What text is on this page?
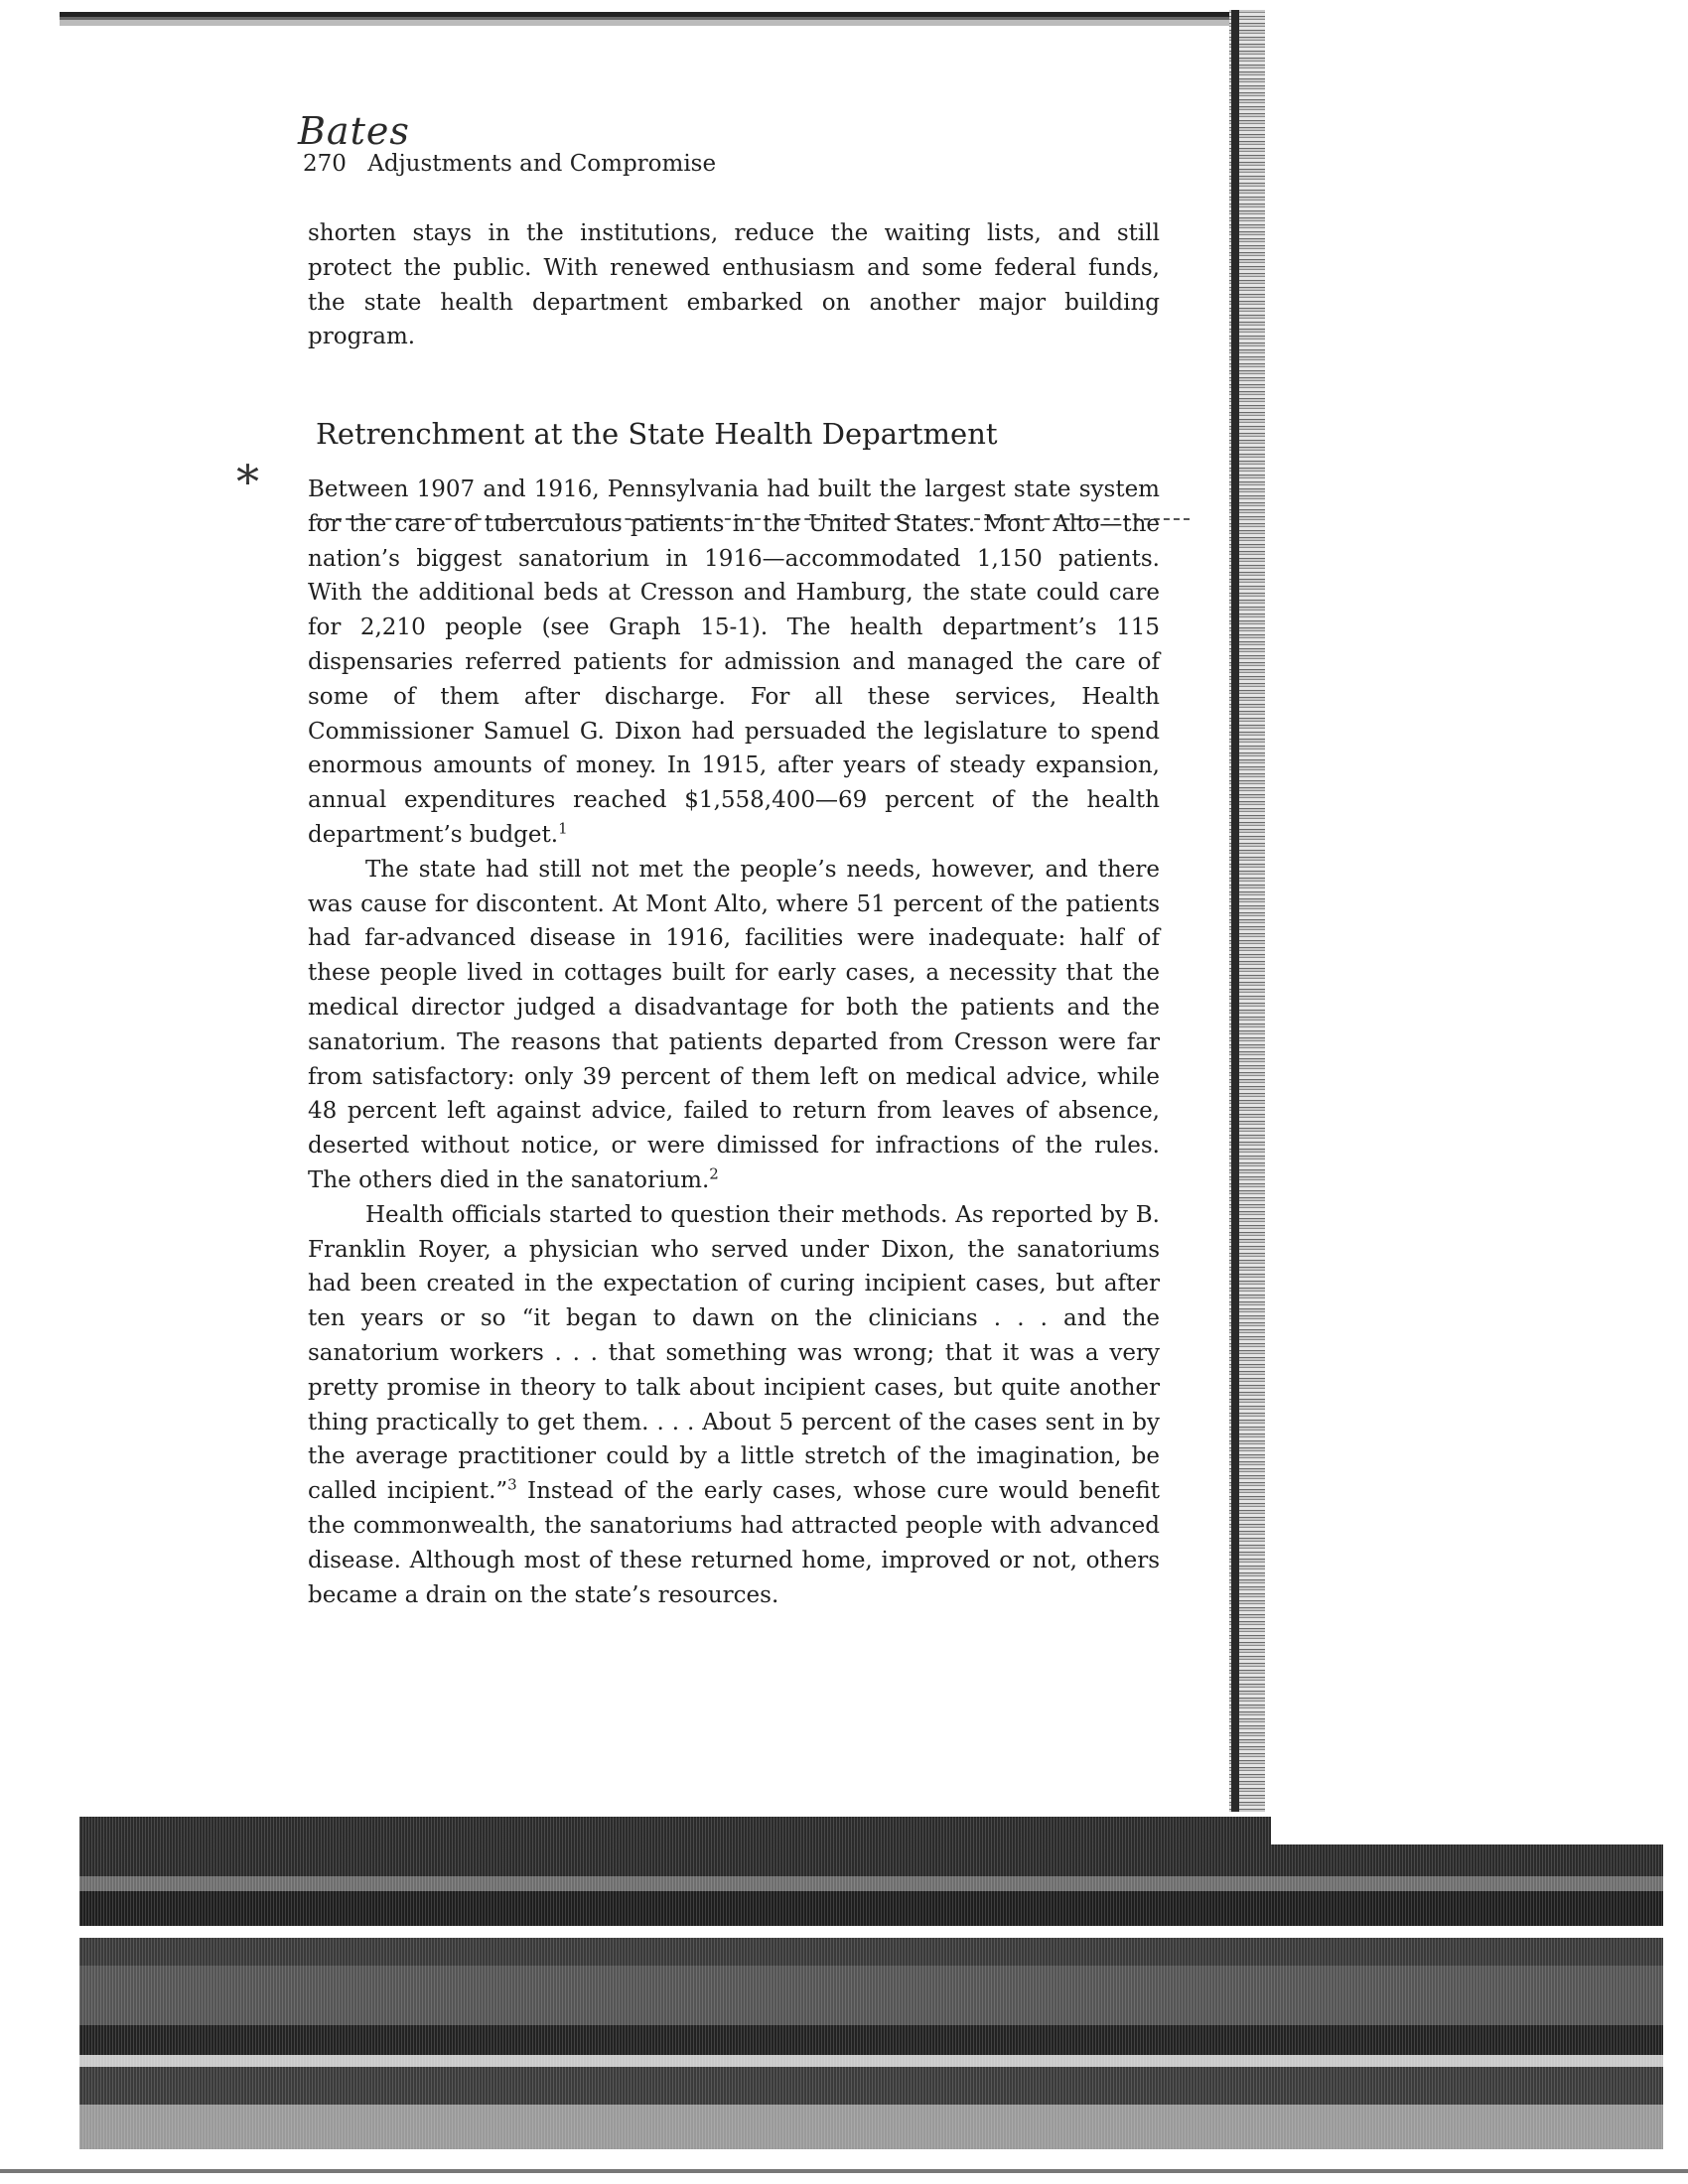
Bates
270 Adjustments and Compromise

shorten stays in the institutions, reduce the waiting lists, and still protect the public. With renewed enthusiasm and some federal funds, the state health department embarked on another major building program.

Retrenchment at the State Health Department
* Between 1907 and 1916, Pennsylvania had built the largest state system for the care of tuberculous patients in the United States. Mont Alto—the nation’s biggest sanatorium in 1916—accommodated 1,150 patients. With the additional beds at Cresson and Hamburg, the state could care for 2,210 people (see Graph 15-1). The health department’s 115 dispensaries referred patients for admission and managed the care of some of them after discharge. For all these services, Health Commissioner Samuel G. Dixon had persuaded the legislature to spend enormous amounts of money. In 1915, after years of steady expansion, annual expenditures reached $1,558,400—69 percent of the health department’s budget.$^1$

The state had still not met the people’s needs, however, and there was cause for discontent. At Mont Alto, where 51 percent of the patients had far-advanced disease in 1916, facilities were inadequate: half of these people lived in cottages built for early cases, a necessity that the medical director judged a disadvantage for both the patients and the sanatorium. The reasons that patients departed from Cresson were far from satisfactory: only 39 percent of them left on medical advice, while 48 percent left against advice, failed to return from leaves of absence, deserted without notice, or were dimissed for infractions of the rules. The others died in the sanatorium.$^2$

Health officials started to question their methods. As reported by B. Franklin Royer, a physician who served under Dixon, the sanatoriums had been created in the expectation of curing incipient cases, but after ten years or so “it began to dawn on the clinicians . . . and the sanatorium workers . . . that something was wrong; that it was a very pretty promise in theory to talk about incipient cases, but quite another thing practically to get them. . . . About 5 percent of the cases sent in by the average practitioner could by a little stretch of the imagination, be called incipient.”$^3$ Instead of the early cases, whose cure would benefit the commonwealth, the sanatoriums had attracted people with advanced disease. Although most of these returned home, improved or not, others became a drain on the state’s resources.
